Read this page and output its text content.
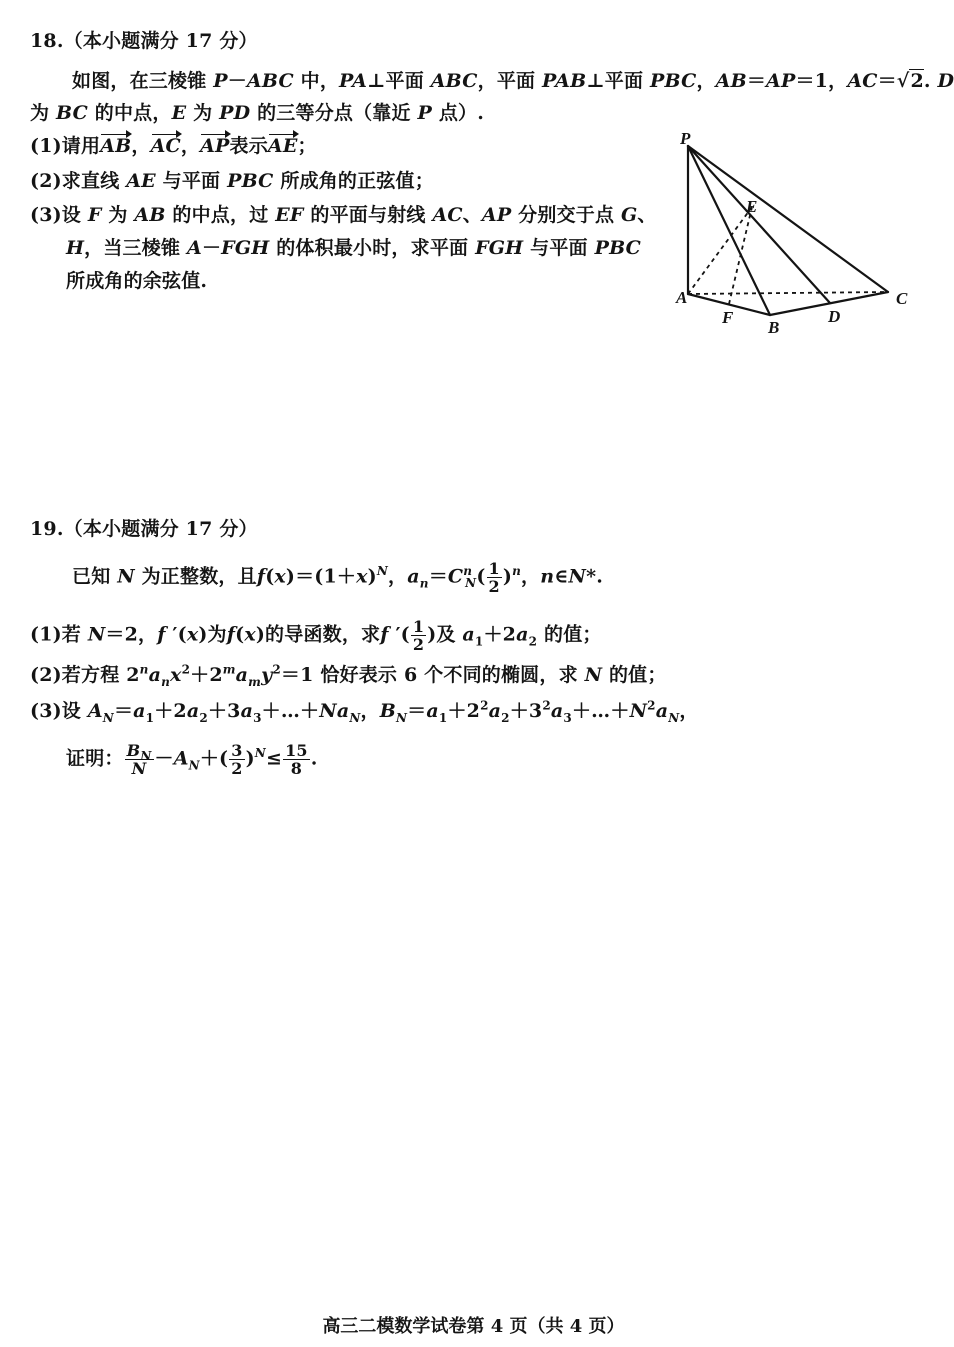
18.（本小题满分 17 分）
如图，在三棱锥 P－ABC 中，PA⊥平面 ABC，平面 PAB⊥平面 PBC，AB＝AP＝1，AC＝√2. D
为 BC 的中点，E 为 PD 的三等分点（靠近 P 点）.
(1)请用AB，AC，AP表示AE；
(2)求直线 AE 与平面 PBC 所成角的正弦值；
(3)设 F 为 AB 的中点，过 EF 的平面与射线 AC、AP 分别交于点 G、
H，当三棱锥 A－FGH 的体积最小时，求平面 FGH 与平面 PBC
所成角的余弦值.
P
E
A
F
B
D
C
19.（本小题满分 17 分）
已知 N 为正整数，且$f(x)=(1+x)^N$，$a_n=C^n_N( \frac{1}{2} )^n$，n∈N*.
(1)若 N＝2，f ′(x)为f(x)的导函数，求f ′( $\frac{1}{2}$ )及 $a_1+2a_2$ 的值；
(2)若方程 $2^na_nx^2+2^ma_my^2=1$ 恰好表示 6 个不同的椭圆，求 N 的值；
(3)设 $A_N=a_1+2a_2+3a_3+\dots+Na_N$，$B_N=a_1+2^2a_2+3^2a_3+\dots+N^2a_N$，
证明： $\frac{B_N}{N} -A_N+( \frac{3}{2} )^N\le \frac{15}{8}$ .
高三二模数学试卷第 4 页（共 4 页）
